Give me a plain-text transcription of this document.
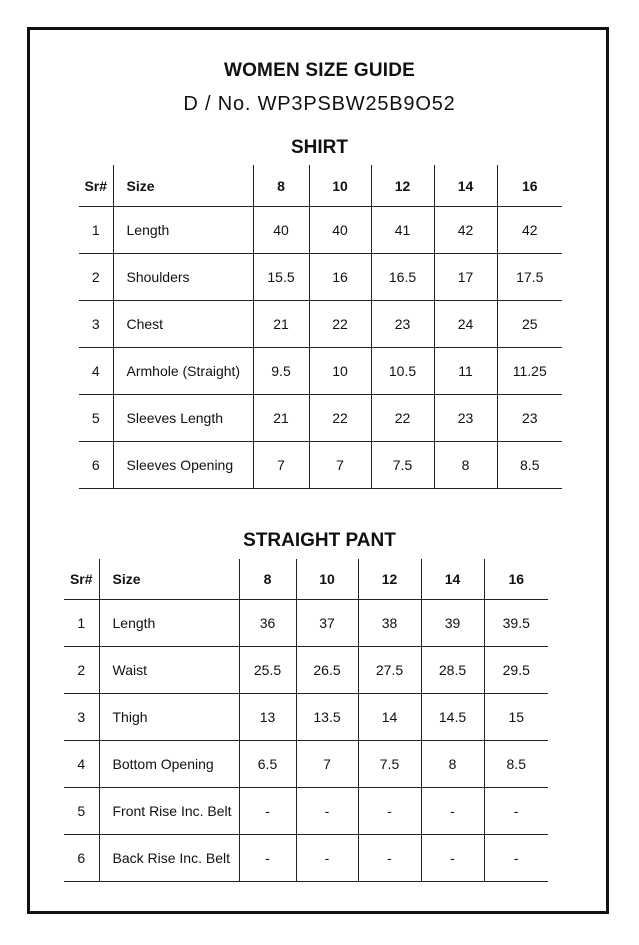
WOMEN SIZE GUIDE
D / No. WP3PSBW25B9O52
SHIRT
Sr#	Size	8	10	12	14	16
1	Length	40	40	41	42	42
2	Shoulders	15.5	16	16.5	17	17.5
3	Chest	21	22	23	24	25
4	Armhole (Straight)	9.5	10	10.5	11	11.25
5	Sleeves Length	21	22	22	23	23
6	Sleeves Opening	7	7	7.5	8	8.5
STRAIGHT PANT
Sr#	Size	8	10	12	14	16
1	Length	36	37	38	39	39.5
2	Waist	25.5	26.5	27.5	28.5	29.5
3	Thigh	13	13.5	14	14.5	15
4	Bottom Opening	6.5	7	7.5	8	8.5
5	Front Rise Inc. Belt	-	-	-	-	-
6	Back Rise Inc. Belt	-	-	-	-	-
